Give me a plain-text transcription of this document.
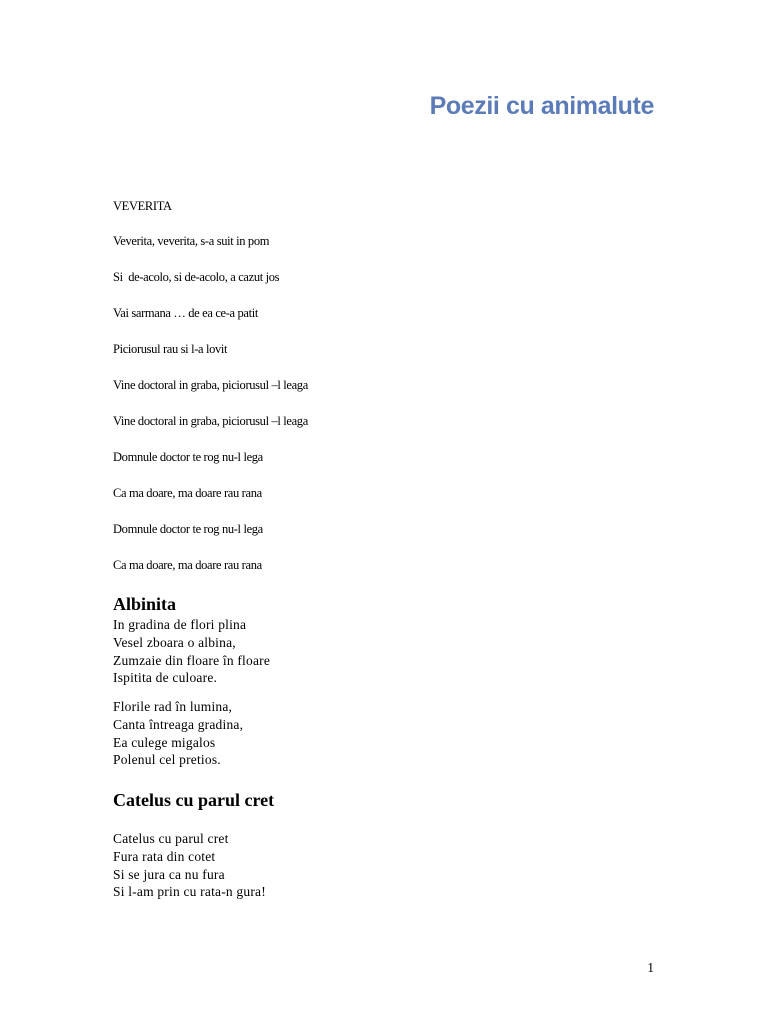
Poezii cu animalute
VEVERITA
Veverita, veverita, s-a suit in pom
Si  de-acolo, si de-acolo, a cazut jos
Vai sarmana … de ea ce-a patit
Piciorusul rau si l-a lovit
Vine doctoral in graba, piciorusul –l leaga
Vine doctoral in graba, piciorusul –l leaga
Domnule doctor te rog nu-l lega
Ca ma doare, ma doare rau rana
Domnule doctor te rog nu-l lega
Ca ma doare, ma doare rau rana
Albinita
In gradina de flori plina
Vesel zboara o albina,
Zumzaie din floare în floare
Ispitita de culoare.
Florile rad în lumina,
Canta întreaga gradina,
Ea culege migalos
Polenul cel pretios.
Catelus cu parul cret
Catelus cu parul cret
Fura rata din cotet
Si se jura ca nu fura
Si l-am prin cu rata-n gura!
1
